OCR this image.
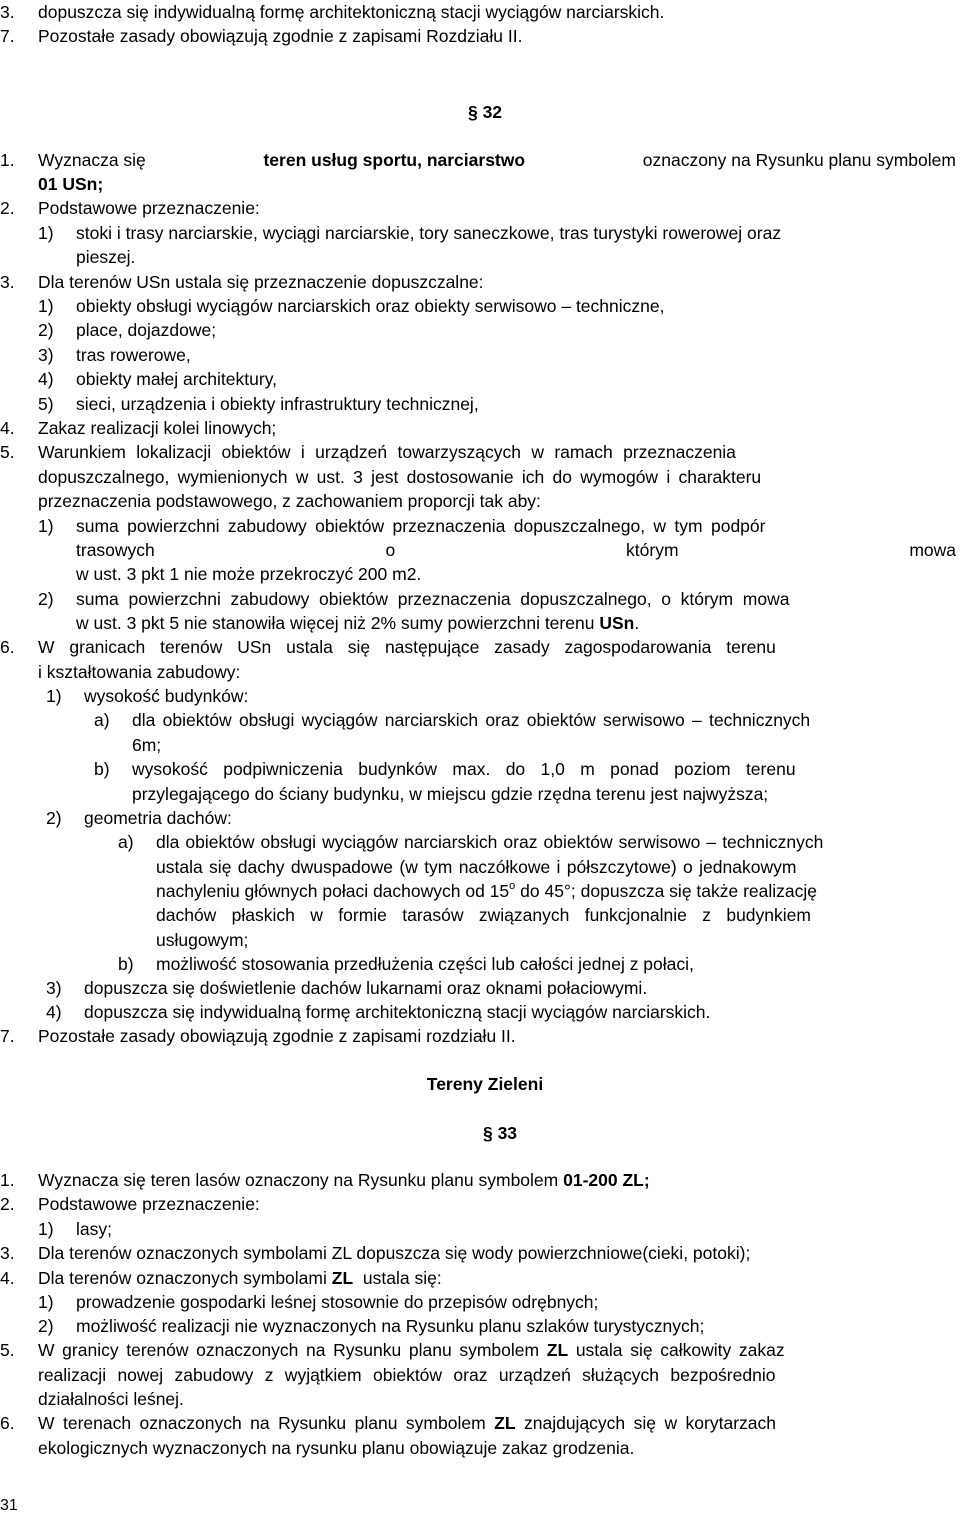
3. dopuszcza się indywidualną formę architektoniczną stacji wyciągów narciarskich.
7. Pozostałe zasady obowiązują zgodnie z zapisami Rozdziału II.
§ 32
1. Wyznacza się	teren usług sportu, narciarstwo	oznaczony na Rysunku planu symbolem
01 USn;
2. Podstawowe przeznaczenie:
1) stoki i trasy narciarskie, wyciągi narciarskie, tory saneczkowe, tras turystyki rowerowej oraz
pieszej.
3. Dla terenów USn ustala się przeznaczenie dopuszczalne:
1) obiekty obsługi wyciągów narciarskich oraz obiekty serwisowo – techniczne,
2) place, dojazdowe;
3) tras rowerowe,
4) obiekty małej architektury,
5) sieci, urządzenia i obiekty infrastruktury technicznej,
4. Zakaz realizacji kolei linowych;
5. Warunkiem lokalizacji obiektów i urządzeń towarzyszących w ramach przeznaczenia
dopuszczalnego, wymienionych w ust. 3 jest dostosowanie ich do wymogów i charakteru
przeznaczenia podstawowego, z zachowaniem proporcji tak aby:
1) suma powierzchni zabudowy obiektów przeznaczenia dopuszczalnego, w tym podpór
trasowych	o	którym	mowa
w ust. 3 pkt 1 nie może przekroczyć 200 m2.
2) suma powierzchni zabudowy obiektów przeznaczenia dopuszczalnego, o którym mowa
w ust. 3 pkt 5 nie stanowiła więcej niż 2% sumy powierzchni terenu USn.
6. W granicach terenów USn ustala się następujące zasady zagospodarowania terenu
i kształtowania zabudowy:
1) wysokość budynków:
a) dla obiektów obsługi wyciągów narciarskich oraz obiektów serwisowo – technicznych
6m;
b) wysokość podpiwniczenia budynków max. do 1,0 m ponad poziom terenu
przylegającego do ściany budynku, w miejscu gdzie rzędna terenu jest najwyższa;
2) geometria dachów:
a) dla obiektów obsługi wyciągów narciarskich oraz obiektów serwisowo – technicznych
ustala się dachy dwuspadowe (w tym naczółkowe i półszczytowe) o jednakowym
nachyleniu głównych połaci dachowych od 15$^o$ do 45°; dopuszcza się także realizację
dachów płaskich w formie tarasów związanych funkcjonalnie z budynkiem
usługowym;
b) możliwość stosowania przedłużenia części lub całości jednej z połaci,
3) dopuszcza się doświetlenie dachów lukarnami oraz oknami połaciowymi.
4) dopuszcza się indywidualną formę architektoniczną stacji wyciągów narciarskich.
7. Pozostałe zasady obowiązują zgodnie z zapisami rozdziału II.
Tereny Zieleni
§ 33
1. Wyznacza się teren lasów oznaczony na Rysunku planu symbolem 01-200 ZL;
2. Podstawowe przeznaczenie:
1) lasy;
3. Dla terenów oznaczonych symbolami ZL dopuszcza się wody powierzchniowe(cieki, potoki);
4. Dla terenów oznaczonych symbolami ZL ustala się:
1) prowadzenie gospodarki leśnej stosownie do przepisów odrębnych;
2) możliwość realizacji nie wyznaczonych na Rysunku planu szlaków turystycznych;
5. W granicy terenów oznaczonych na Rysunku planu symbolem ZL ustala się całkowity zakaz
realizacji nowej zabudowy z wyjątkiem obiektów oraz urządzeń służących bezpośrednio
działalności leśnej.
6. W terenach oznaczonych na Rysunku planu symbolem ZL znajdujących się w korytarzach
ekologicznych wyznaczonych na rysunku planu obowiązuje zakaz grodzenia.
31
